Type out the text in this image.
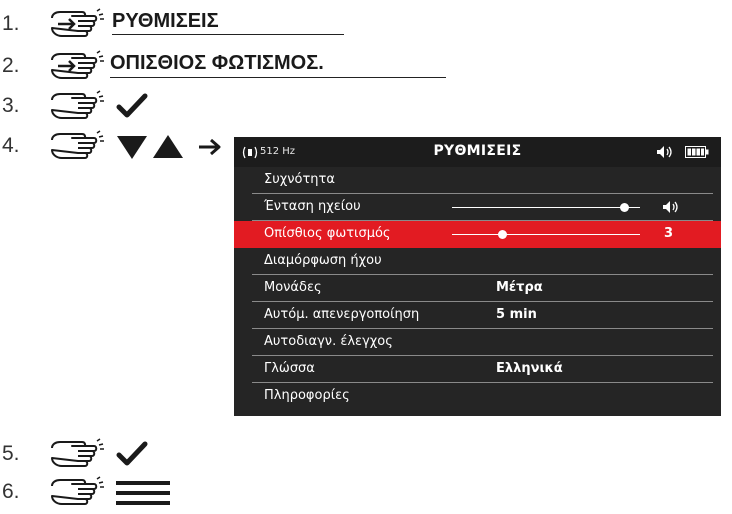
1.	ΡΥΘΜΙΣΕΙΣ
2.	ΟΠΙΣΘΙΟΣ ΦΩΤΙΣΜΟΣ.
3.
4.	512 Hz	ΡΥΘΜΙΣΕΙΣ
Συχνότητα
Ένταση ηχείου
Οπίσθιος φωτισμός	3
Διαμόρφωση ήχου
Μονάδες	Μέτρα
Αυτόμ. απενεργοποίηση	5 min
Αυτοδιαγν. έλεγχος
Γλώσσα	Ελληνικά
Πληροφορίες
5.
6.
